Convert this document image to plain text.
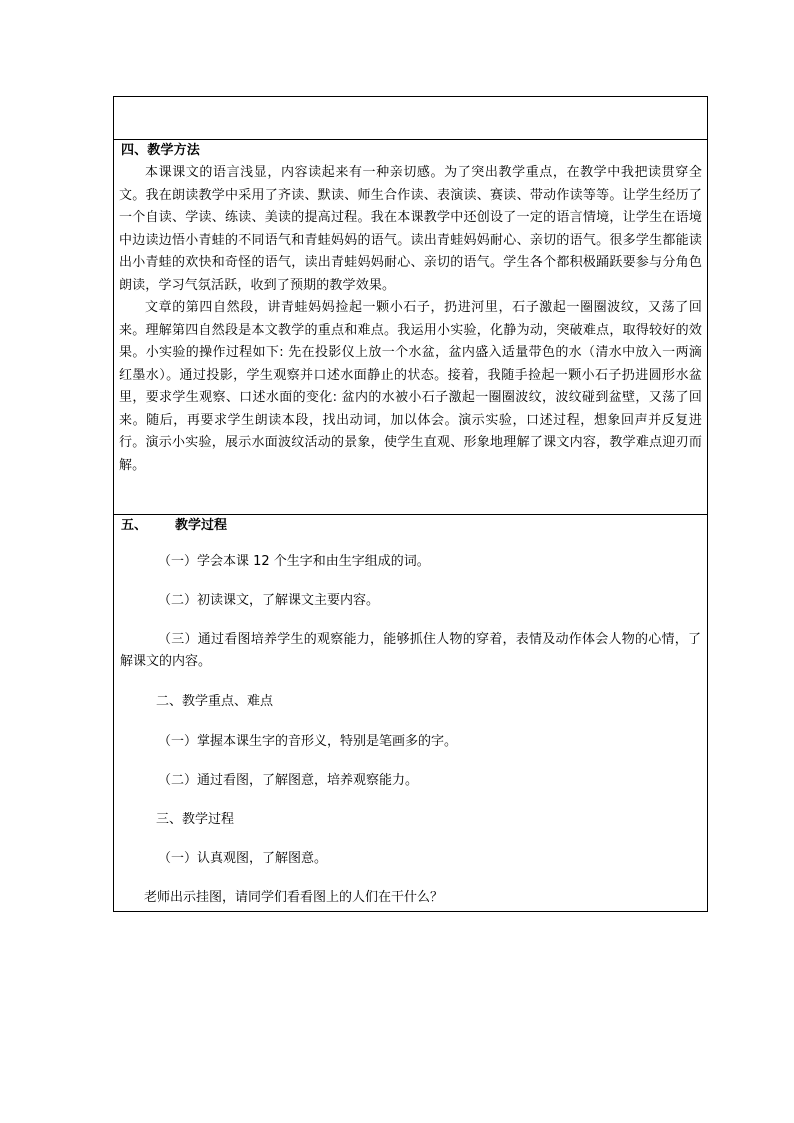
四、教学方法

本课课文的语言浅显，内容读起来有一种亲切感。为了突出教学重点，在教学中我把读贯穿全文。我在朗读教学中采用了齐读、默读、师生合作读、表演读、赛读、带动作读等等。让学生经历了一个自读、学读、练读、美读的提高过程。我在本课教学中还创设了一定的语言情境，让学生在语境中边读边悟小青蛙的不同语气和青蛙妈妈的语气。读出青蛙妈妈耐心、亲切的语气。很多学生都能读出小青蛙的欢快和奇怪的语气，读出青蛙妈妈耐心、亲切的语气。学生各个都积极踊跃要参与分角色朗读，学习气氛活跃，收到了预期的教学效果。

文章的第四自然段，讲青蛙妈妈捡起一颗小石子，扔进河里，石子激起一圈圈波纹，又荡了回来。理解第四自然段是本文教学的重点和难点。我运用小实验，化静为动，突破难点，取得较好的效果。小实验的操作过程如下: 先在投影仪上放一个水盆，盆内盛入适量带色的水（清水中放入一两滴红墨水）。通过投影，学生观察并口述水面静止的状态。接着，我随手捡起一颗小石子扔进圆形水盆里，要求学生观察、口述水面的变化: 盆内的水被小石子激起一圈圈波纹，波纹碰到盆壁，又荡了回来。随后，再要求学生朗读本段，找出动词，加以体会。演示实验，口述过程，想象回声并反复进行。演示小实验，展示水面波纹活动的景象，使学生直观、形象地理解了课文内容，教学难点迎刃而解。

五、 教学过程

（一）学会本课 12 个生字和由生字组成的词。

（二）初读课文，了解课文主要内容。

（三）通过看图培养学生的观察能力，能够抓住人物的穿着，表情及动作体会人物的心情，了解课文的内容。

二、教学重点、难点

（一）掌握本课生字的音形义，特别是笔画多的字。

（二）通过看图，了解图意，培养观察能力。

三、教学过程

（一）认真观图，了解图意。

老师出示挂图，请同学们看看图上的人们在干什么？
